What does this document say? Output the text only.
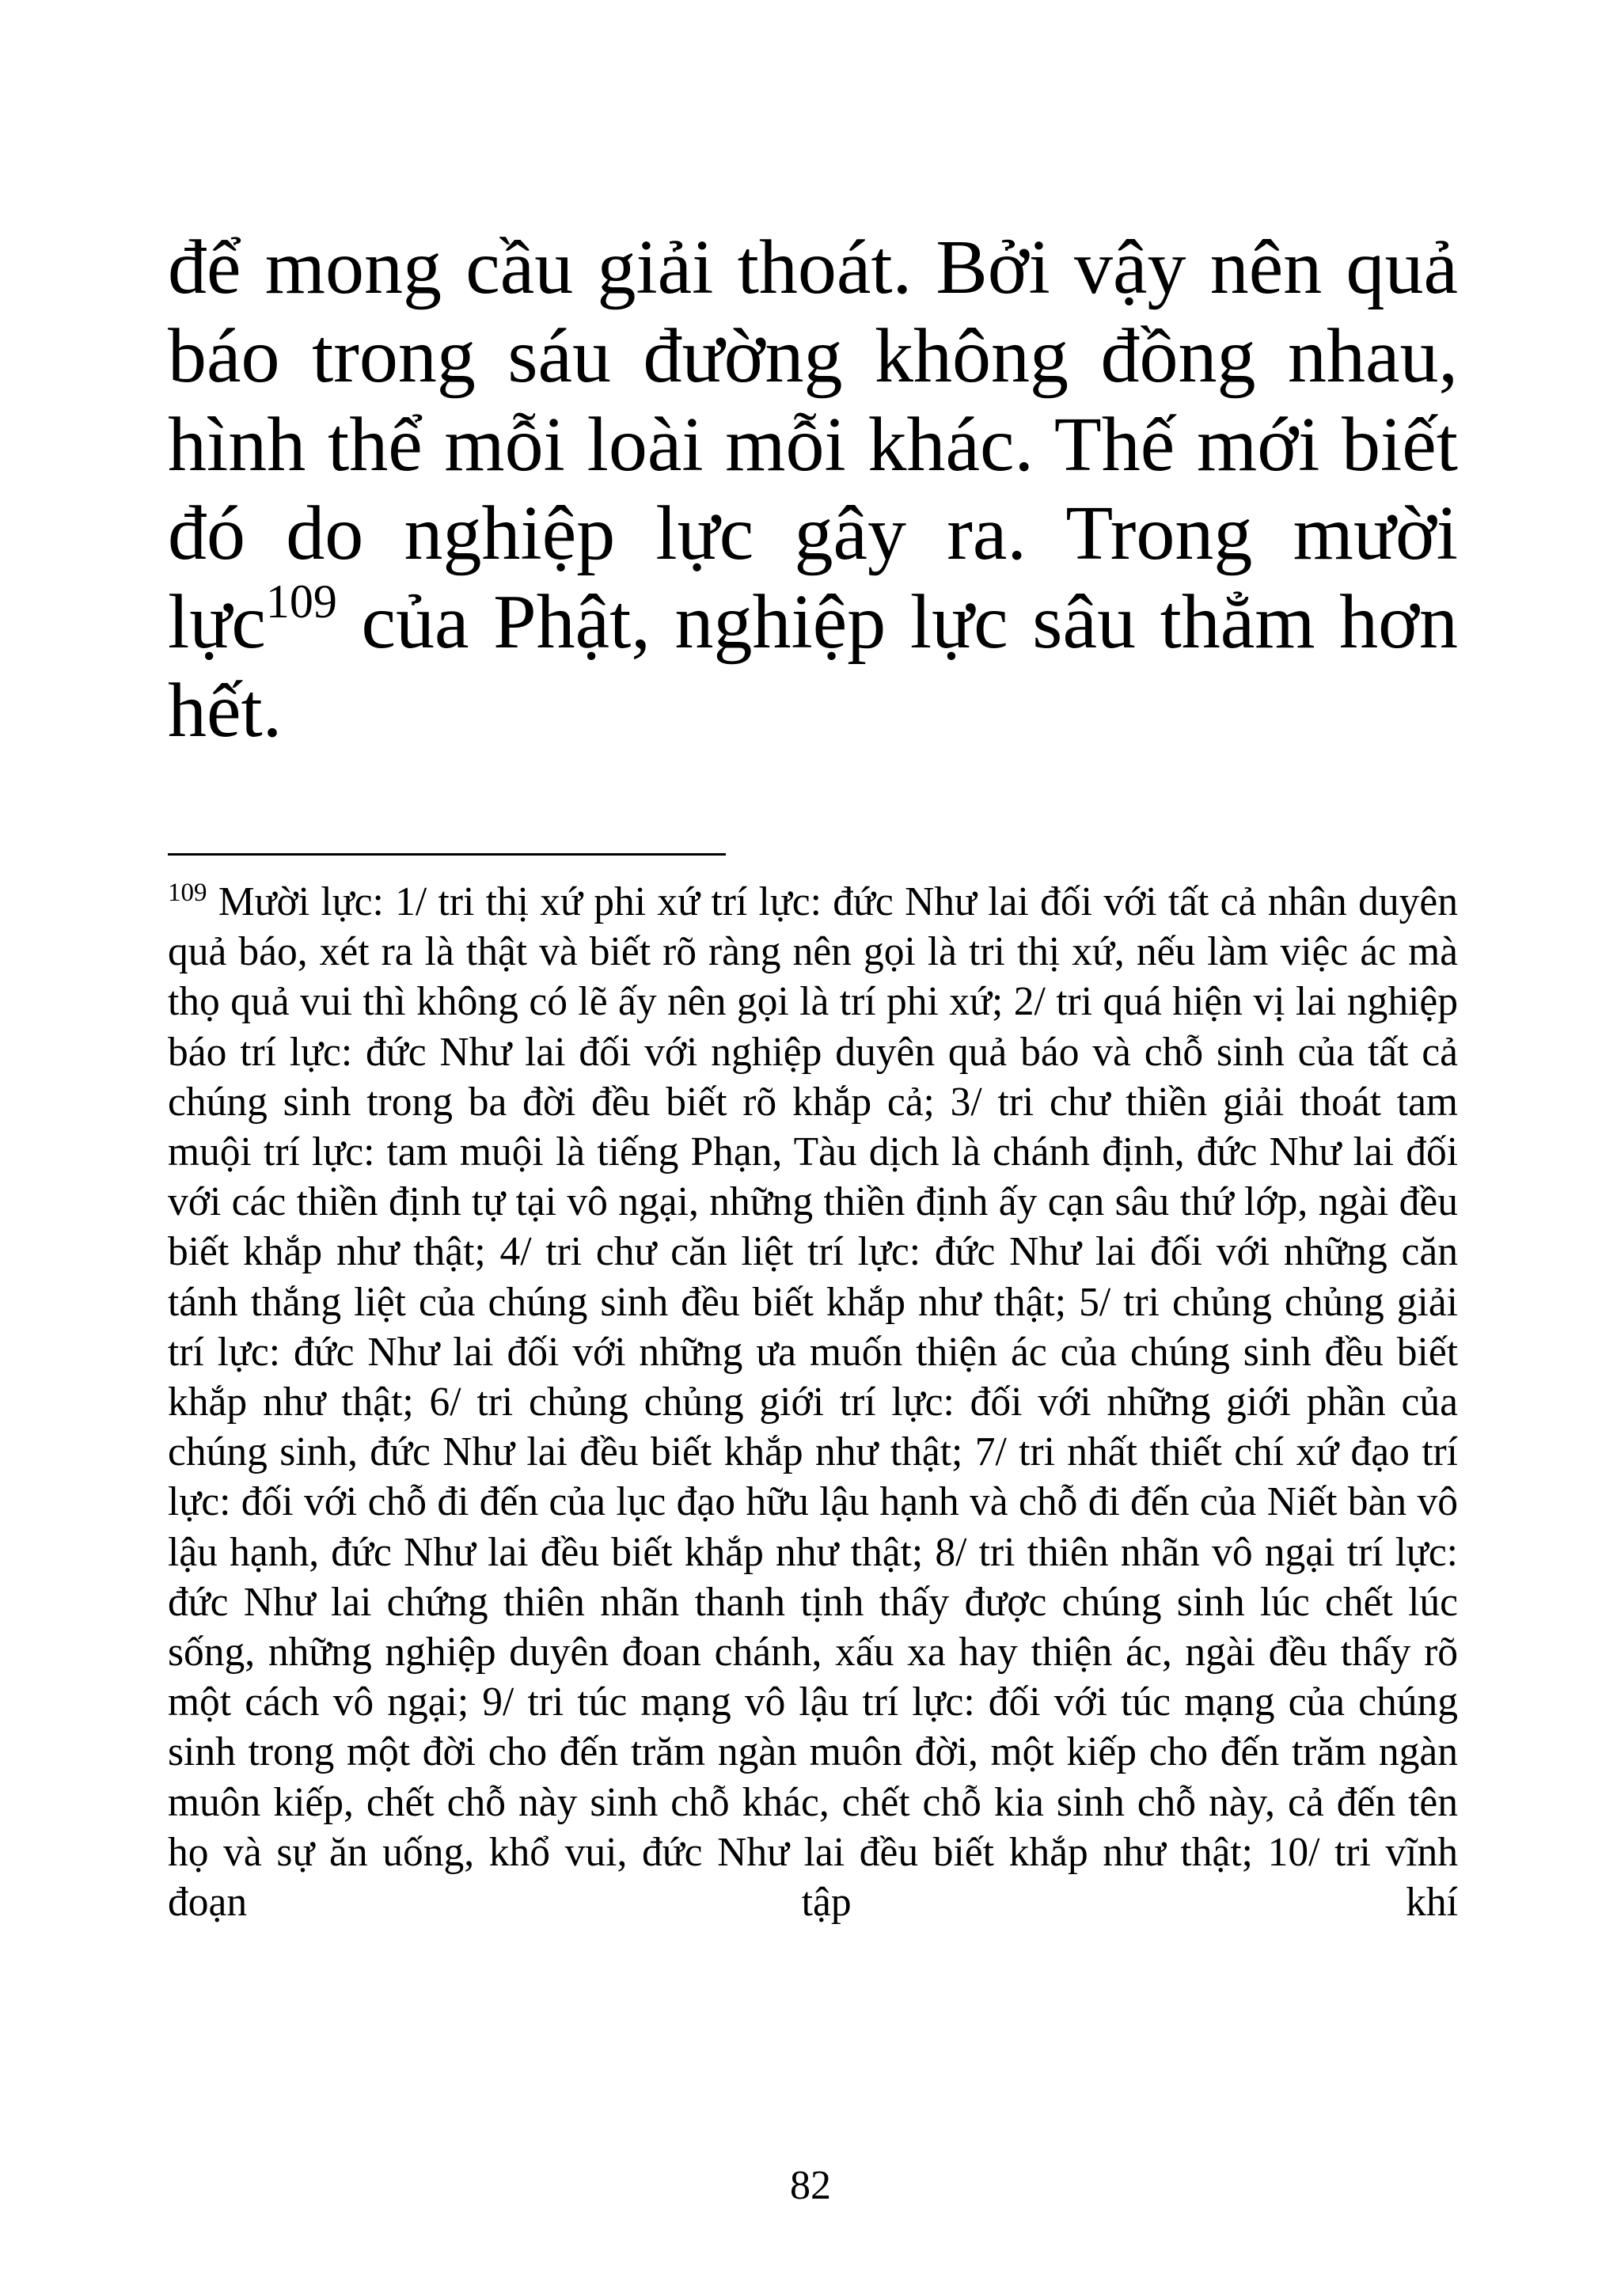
để mong cầu giải thoát. Bởi vậy nên quả báo trong sáu đường không đồng nhau, hình thể mỗi loài mỗi khác. Thế mới biết đó do nghiệp lực gây ra. Trong mười lực$^{109}$ của Phật, nghiệp lực sâu thẳm hơn hết.

$^{109}$ Mười lực: 1/ tri thị xứ phi xứ trí lực: đức Như lai đối với tất cả nhân duyên quả báo, xét ra là thật và biết rõ ràng nên gọi là tri thị xứ, nếu làm việc ác mà thọ quả vui thì không có lẽ ấy nên gọi là trí phi xứ; 2/ tri quá hiện vị lai nghiệp báo trí lực: đức Như lai đối với nghiệp duyên quả báo và chỗ sinh của tất cả chúng sinh trong ba đời đều biết rõ khắp cả; 3/ tri chư thiền giải thoát tam muội trí lực: tam muội là tiếng Phạn, Tàu dịch là chánh định, đức Như lai đối với các thiền định tự tại vô ngại, những thiền định ấy cạn sâu thứ lớp, ngài đều biết khắp như thật; 4/ tri chư căn liệt trí lực: đức Như lai đối với những căn tánh thắng liệt của chúng sinh đều biết khắp như thật; 5/ tri chủng chủng giải trí lực: đức Như lai đối với những ưa muốn thiện ác của chúng sinh đều biết khắp như thật; 6/ tri chủng chủng giới trí lực: đối với những giới phần của chúng sinh, đức Như lai đều biết khắp như thật; 7/ tri nhất thiết chí xứ đạo trí lực: đối với chỗ đi đến của lục đạo hữu lậu hạnh và chỗ đi đến của Niết bàn vô lậu hạnh, đức Như lai đều biết khắp như thật; 8/ tri thiên nhãn vô ngại trí lực: đức Như lai chứng thiên nhãn thanh tịnh thấy được chúng sinh lúc chết lúc sống, những nghiệp duyên đoan chánh, xấu xa hay thiện ác, ngài đều thấy rõ một cách vô ngại; 9/ tri túc mạng vô lậu trí lực: đối với túc mạng của chúng sinh trong một đời cho đến trăm ngàn muôn đời, một kiếp cho đến trăm ngàn muôn kiếp, chết chỗ này sinh chỗ khác, chết chỗ kia sinh chỗ này, cả đến tên họ và sự ăn uống, khổ vui, đức Như lai đều biết khắp như thật; 10/ tri vĩnh đoạn tập khí

82
